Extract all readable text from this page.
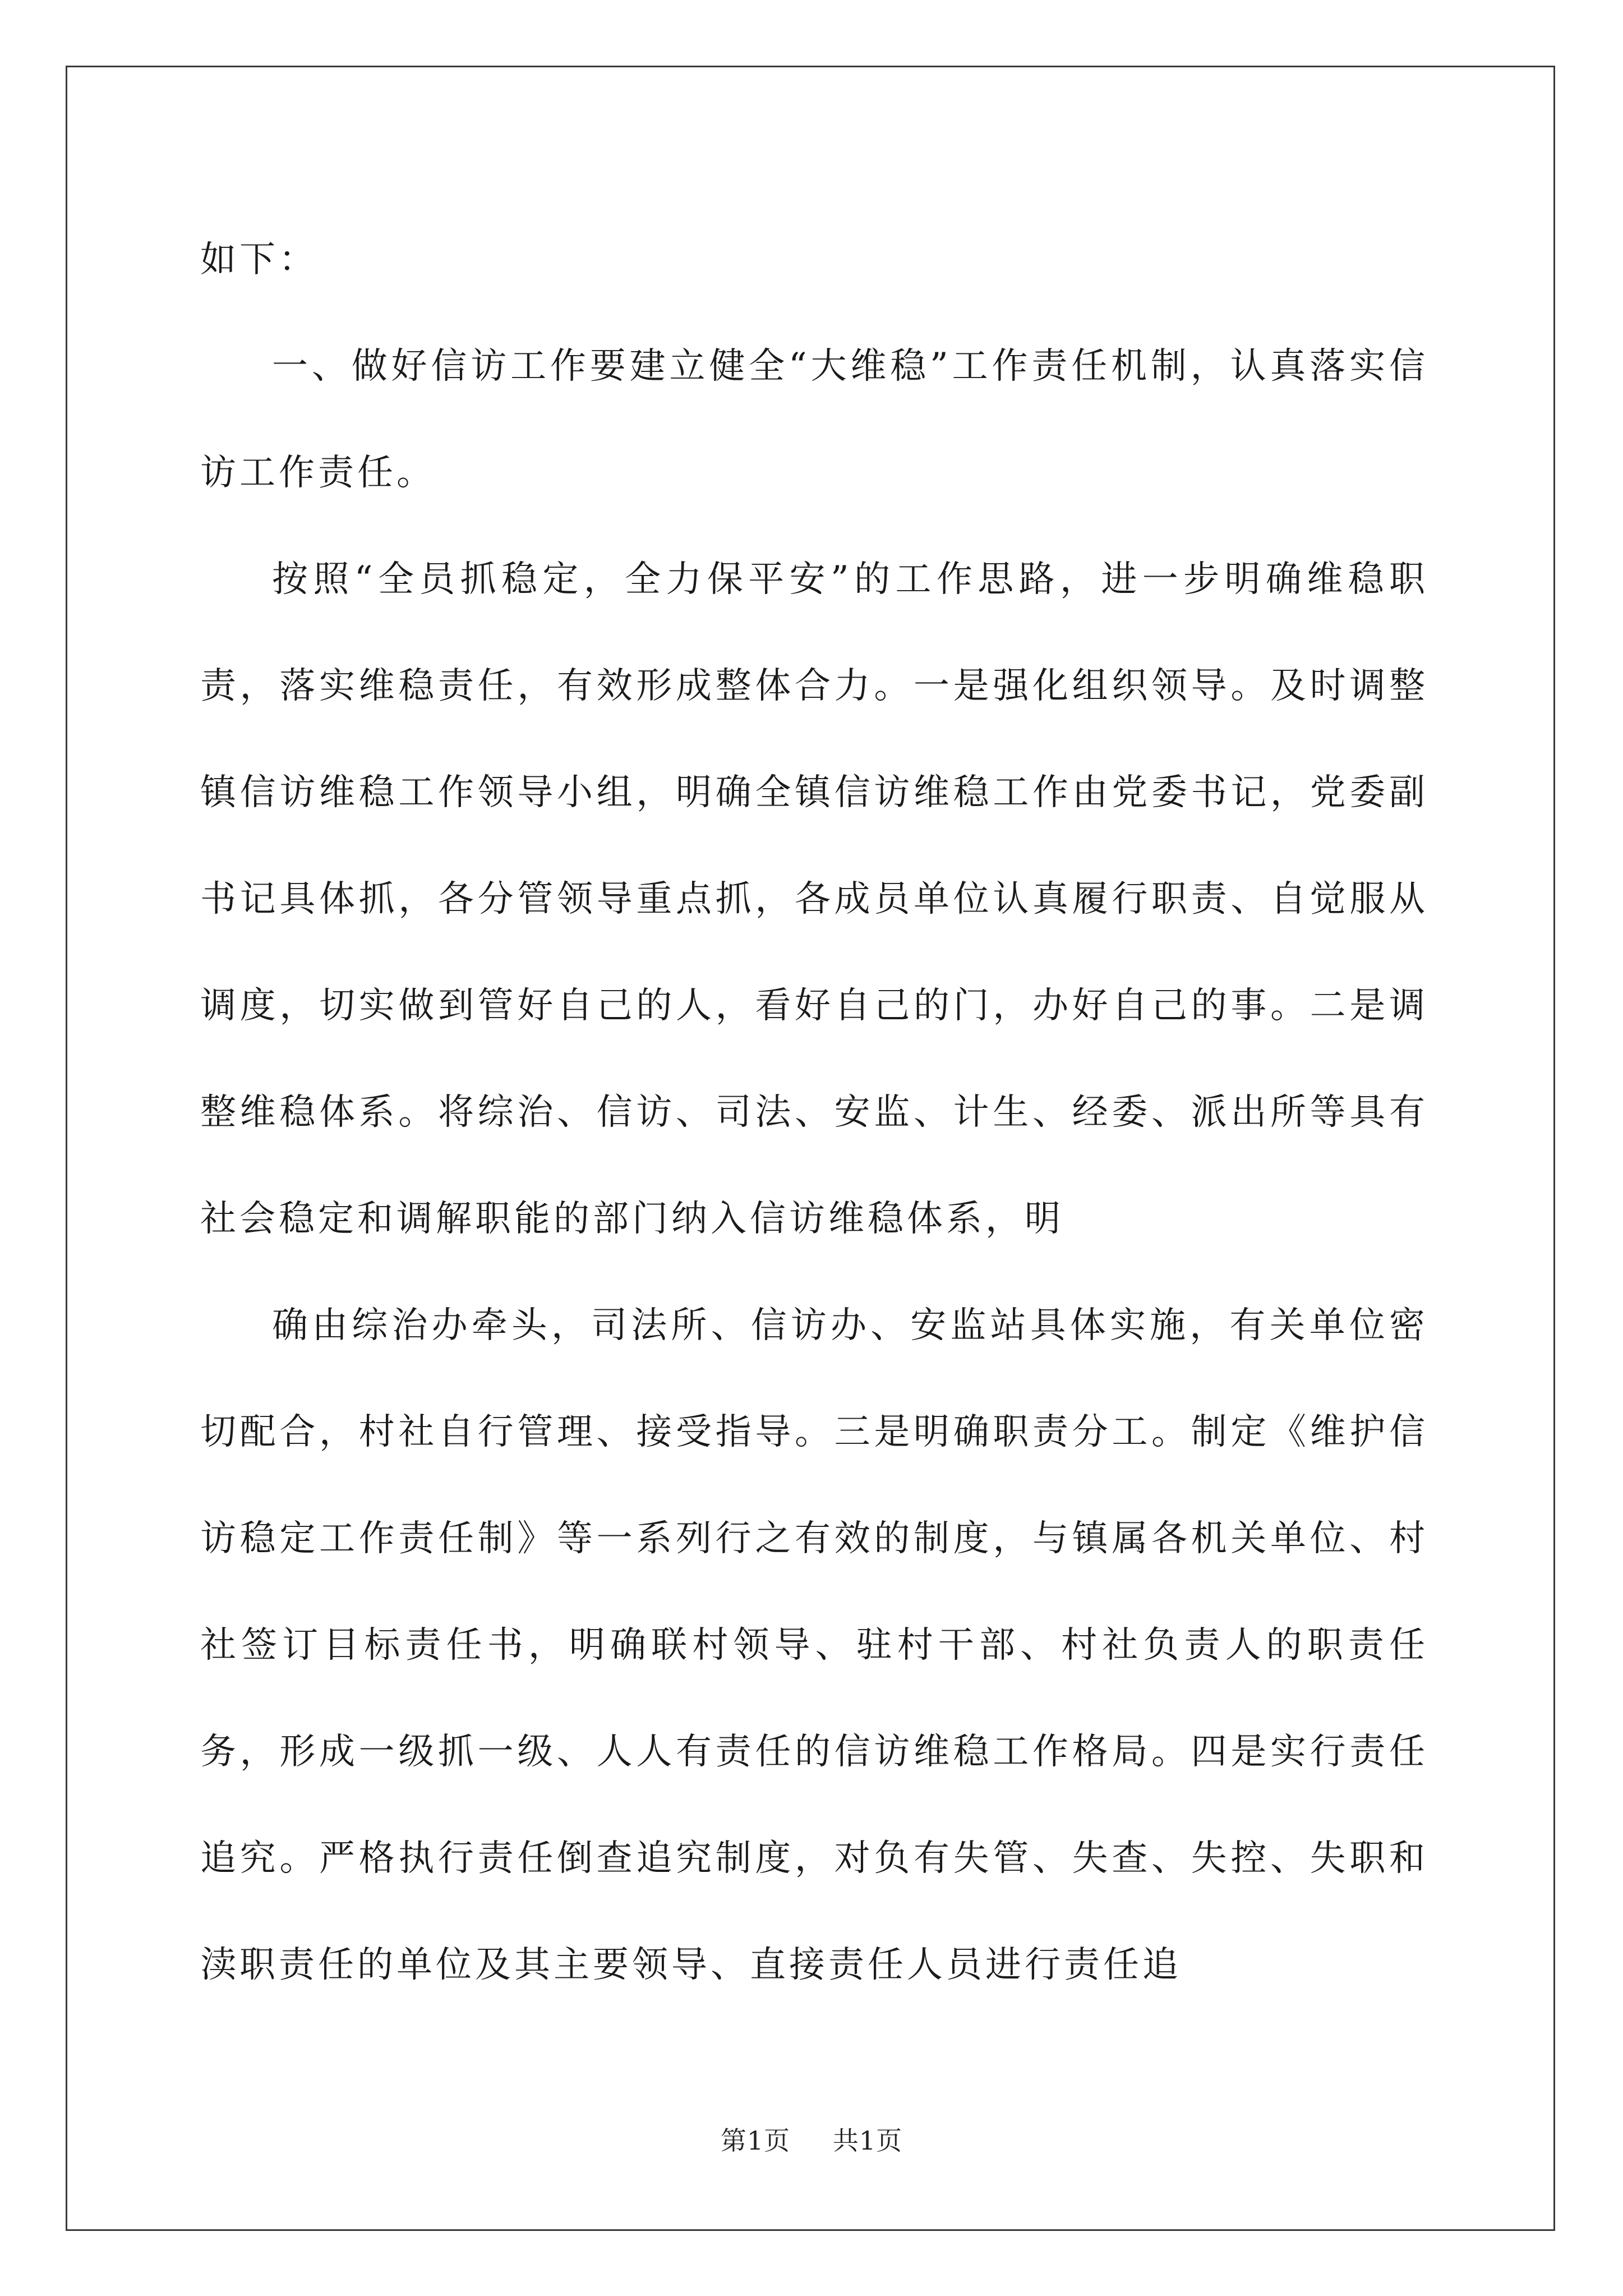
如下：

一、做好信访工作要建立健全“大维稳”工作责任机制，认真落实信访工作责任。

按照“全员抓稳定，全力保平安”的工作思路，进一步明确维稳职责，落实维稳责任，有效形成整体合力。一是强化组织领导。及时调整镇信访维稳工作领导小组，明确全镇信访维稳工作由党委书记，党委副书记具体抓，各分管领导重点抓，各成员单位认真履行职责、自觉服从调度，切实做到管好自己的人，看好自己的门，办好自己的事。二是调整维稳体系。将综治、信访、司法、安监、计生、经委、派出所等具有社会稳定和调解职能的部门纳入信访维稳体系，明

确由综治办牵头，司法所、信访办、安监站具体实施，有关单位密切配合，村社自行管理、接受指导。三是明确职责分工。制定《维护信访稳定工作责任制》等一系列行之有效的制度，与镇属各机关单位、村社签订目标责任书，明确联村领导、驻村干部、村社负责人的职责任务，形成一级抓一级、人人有责任的信访维稳工作格局。四是实行责任追究。严格执行责任倒查追究制度，对负有失管、失查、失控、失职和渎职责任的单位及其主要领导、直接责任人员进行责任追

第1页 共1页
